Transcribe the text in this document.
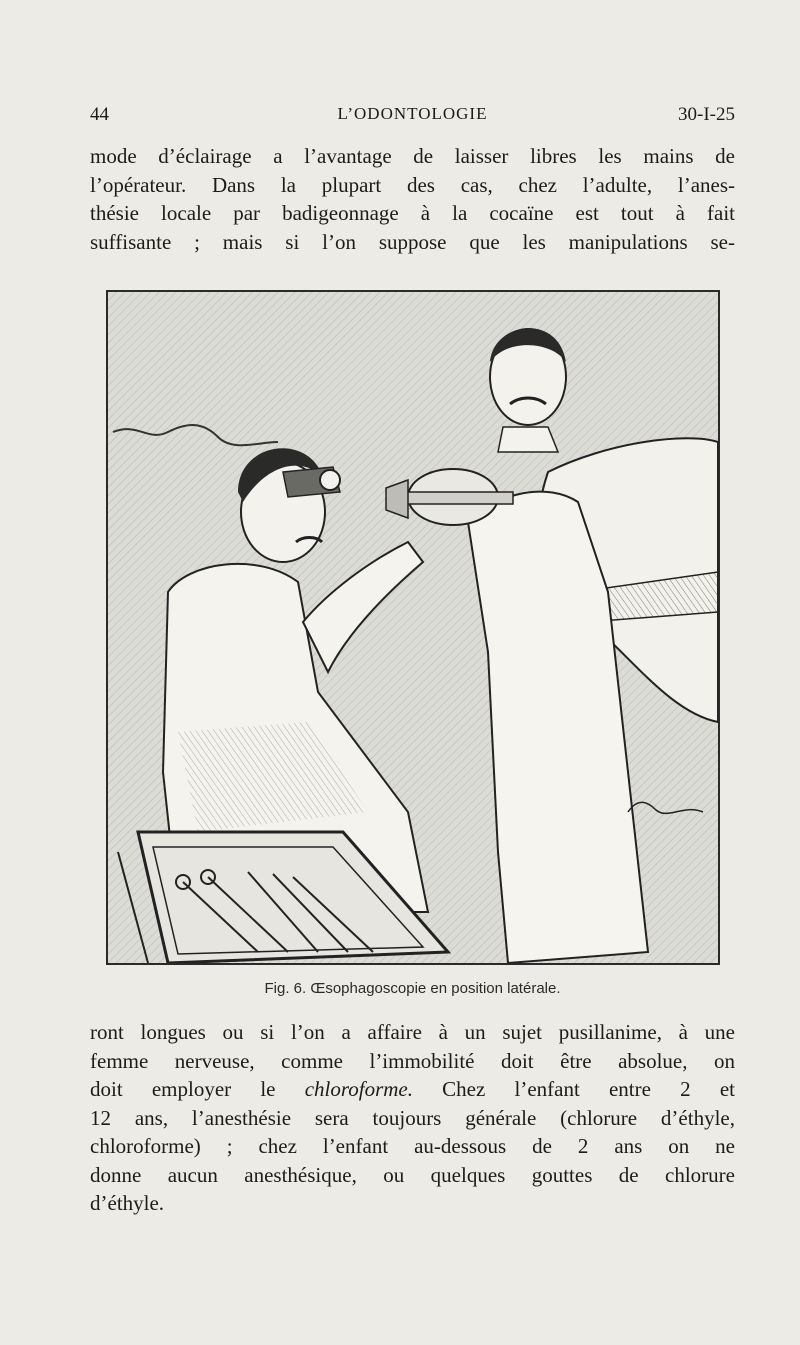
44	L’ODONTOLOGIE	30-I-25
mode d’éclairage a l’avantage de laisser libres les mains de
l’opérateur. Dans la plupart des cas, chez l’adulte, l’anes-
thésie locale par badigeonnage à la cocaïne est tout à fait
suffisante ; mais si l’on suppose que les manipulations se-
Fig. 6. Œsophagoscopie en position latérale.
ront longues ou si l’on a affaire à un sujet pusillanime, à une
femme nerveuse, comme l’immobilité doit être absolue, on
doit employer le chloroforme. Chez l’enfant entre 2 et
12 ans, l’anesthésie sera toujours générale (chlorure d’éthyle,
chloroforme) ; chez l’enfant au-dessous de 2 ans on ne
donne aucun anesthésique, ou quelques gouttes de chlorure
d’éthyle.
